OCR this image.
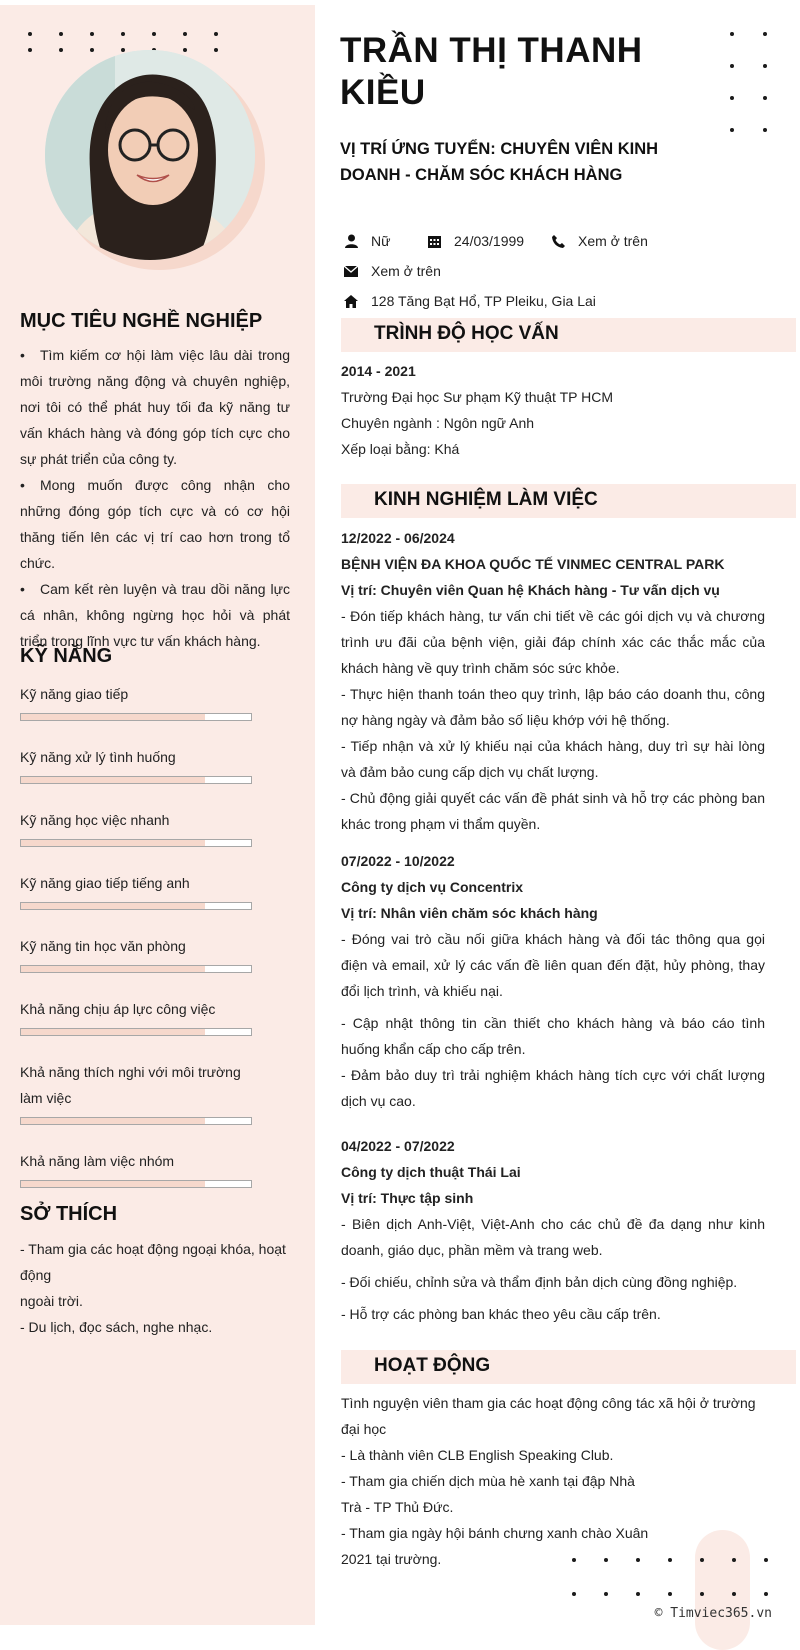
MỤC TIÊU NGHỀ NGHIỆP
• Tìm kiếm cơ hội làm việc lâu dài trong môi trường năng động và chuyên nghiệp, nơi tôi có thể phát huy tối đa kỹ năng tư vấn khách hàng và đóng góp tích cực cho sự phát triển của công ty.
• Mong muốn được công nhận cho những đóng góp tích cực và có cơ hội thăng tiến lên các vị trí cao hơn trong tổ chức.
• Cam kết rèn luyện và trau dồi năng lực cá nhân, không ngừng học hỏi và phát triển trong lĩnh vực tư vấn khách hàng.
KỸ NĂNG
Kỹ năng giao tiếp
Kỹ năng xử lý tình huống
Kỹ năng học việc nhanh
Kỹ năng giao tiếp tiếng anh
Kỹ năng tin học văn phòng
Khả năng chịu áp lực công việc
Khả năng thích nghi với môi trường làm việc
Khả năng làm việc nhóm
SỞ THÍCH
- Tham gia các hoạt động ngoại khóa, hoạt động
ngoài trời.
- Du lịch, đọc sách, nghe nhạc.
TRẦN THỊ THANH KIỀU
VỊ TRÍ ỨNG TUYỂN: CHUYÊN VIÊN KINH DOANH - CHĂM SÓC KHÁCH HÀNG
Nữ	24/03/1999	Xem ở trên
Xem ở trên
128 Tăng Bạt Hổ, TP Pleiku, Gia Lai
TRÌNH ĐỘ HỌC VẤN
2014 - 2021
Trường Đại học Sư phạm Kỹ thuật TP HCM
Chuyên ngành : Ngôn ngữ Anh
Xếp loại bằng: Khá
KINH NGHIỆM LÀM VIỆC
12/2022 - 06/2024
BỆNH VIỆN ĐA KHOA QUỐC TẾ VINMEC CENTRAL PARK
Vị trí: Chuyên viên Quan hệ Khách hàng - Tư vấn dịch vụ
- Đón tiếp khách hàng, tư vấn chi tiết về các gói dịch vụ và chương trình ưu đãi của bệnh viện, giải đáp chính xác các thắc mắc của khách hàng về quy trình chăm sóc sức khỏe.
- Thực hiện thanh toán theo quy trình, lập báo cáo doanh thu, công nợ hàng ngày và đảm bảo số liệu khớp với hệ thống.
- Tiếp nhận và xử lý khiếu nại của khách hàng, duy trì sự hài lòng và đảm bảo cung cấp dịch vụ chất lượng.
- Chủ động giải quyết các vấn đề phát sinh và hỗ trợ các phòng ban khác trong phạm vi thẩm quyền.
07/2022 - 10/2022
Công ty dịch vụ Concentrix
Vị trí: Nhân viên chăm sóc khách hàng
- Đóng vai trò cầu nối giữa khách hàng và đối tác thông qua gọi điện và email, xử lý các vấn đề liên quan đến đặt, hủy phòng, thay đổi lịch trình, và khiếu nại.
- Cập nhật thông tin cần thiết cho khách hàng và báo cáo tình huống khẩn cấp cho cấp trên.
- Đảm bảo duy trì trải nghiệm khách hàng tích cực với chất lượng dịch vụ cao.
04/2022 - 07/2022
Công ty dịch thuật Thái Lai
Vị trí: Thực tập sinh
- Biên dịch Anh-Việt, Việt-Anh cho các chủ đề đa dạng như kinh doanh, giáo dục, phần mềm và trang web.
- Đối chiếu, chỉnh sửa và thẩm định bản dịch cùng đồng nghiệp.
- Hỗ trợ các phòng ban khác theo yêu cầu cấp trên.
HOẠT ĐỘNG
Tình nguyện viên tham gia các hoạt động công tác xã hội ở trường
đại học
- Là thành viên CLB English Speaking Club.
- Tham gia chiến dịch mùa hè xanh tại đập Nhà
Trà - TP Thủ Đức.
- Tham gia ngày hội bánh chưng xanh chào Xuân
2021 tại trường.
© Timviec365.vn
